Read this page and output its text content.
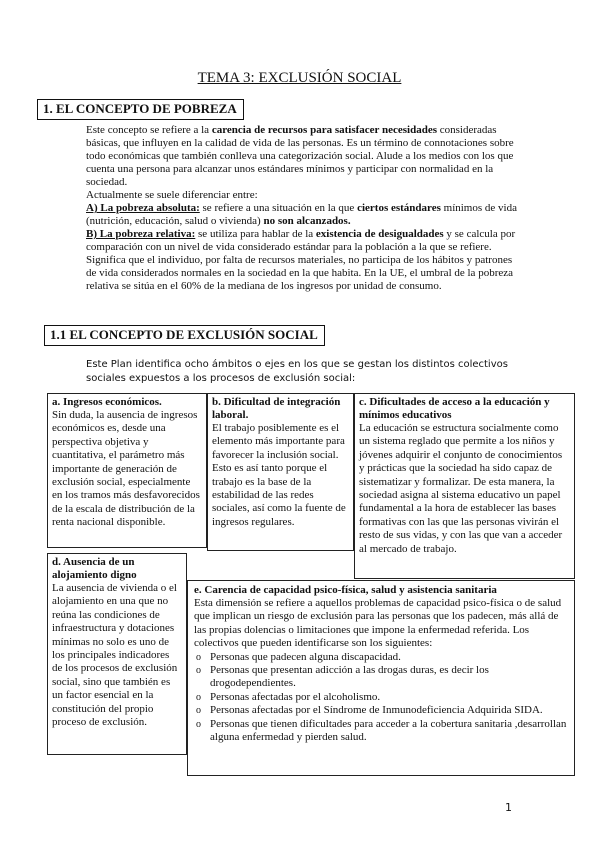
TEMA 3: EXCLUSIÓN SOCIAL
1. EL CONCEPTO DE POBREZA

Este concepto se refiere a la carencia de recursos para satisfacer necesidades consideradas básicas, que influyen en la calidad de vida de las personas. Es un término de connotaciones sobre todo económicas que también conlleva una categorización social. Alude a los medios con los que cuenta una persona para alcanzar unos estándares mínimos y participar con normalidad en la sociedad.

Actualmente se suele diferenciar entre:

A) La pobreza absoluta: se refiere a una situación en la que ciertos estándares mínimos de vida (nutrición, educación, salud o vivienda) no son alcanzados.

B) La pobreza relativa: se utiliza para hablar de la existencia de desigualdades y se calcula por comparación con un nivel de vida considerado estándar para la población a la que se refiere. Significa que el individuo, por falta de recursos materiales, no participa de los hábitos y patrones de vida considerados normales en la sociedad en la que habita. En la UE, el umbral de la pobreza relativa se sitúa en el 60% de la mediana de los ingresos por unidad de consumo.

1.1 EL CONCEPTO DE EXCLUSIÓN SOCIAL
Este Plan identifica ocho ámbitos o ejes en los que se gestan los distintos colectivos sociales expuestos a los procesos de exclusión social:
a. Ingresos económicos.

Sin duda, la ausencia de ingresos económicos es, desde una perspectiva objetiva y cuantitativa, el parámetro más importante de generación de exclusión social, especialmente en los tramos más desfavorecidos de la escala de distribución de la renta nacional disponible.

b. Dificultad de integración laboral.

El trabajo posiblemente es el elemento más importante para favorecer la inclusión social. Esto es así tanto porque el trabajo es la base de la estabilidad de las redes sociales, así como la fuente de ingresos regulares.

c. Dificultades de acceso a la educación y mínimos educativos

La educación se estructura socialmente como un sistema reglado que permite a los niños y jóvenes adquirir el conjunto de conocimientos y prácticas que la sociedad ha sido capaz de sistematizar y formalizar. De esta manera, la sociedad asigna al sistema educativo un papel fundamental a la hora de establecer las bases formativas con las que las personas vivirán el resto de sus vidas, y con las que van a acceder al mercado de trabajo.

d. Ausencia de un alojamiento digno

La ausencia de vivienda o el alojamiento en una que no reúna las condiciones de infraestructura y dotaciones mínimas no solo es uno de los principales indicadores de los procesos de exclusión social, sino que también es un factor esencial en la constitución del propio proceso de exclusión.

e. Carencia de capacidad psico-física, salud y asistencia sanitaria

Esta dimensión se refiere a aquellos problemas de capacidad psico-física o de salud que implican un riesgo de exclusión para las personas que los padecen, más allá de las propias dolencias o limitaciones que impone la enfermedad referida. Los colectivos que pueden identificarse son los siguientes:

o Personas que padecen alguna discapacidad.
o Personas que presentan adicción a las drogas duras, es decir los drogodependientes.
o Personas afectadas por el alcoholismo.
o Personas afectadas por el Síndrome de Inmunodeficiencia Adquirida SIDA.
o Personas que tienen dificultades para acceder a la cobertura sanitaria ,desarrollan alguna enfermedad y pierden salud.
1
